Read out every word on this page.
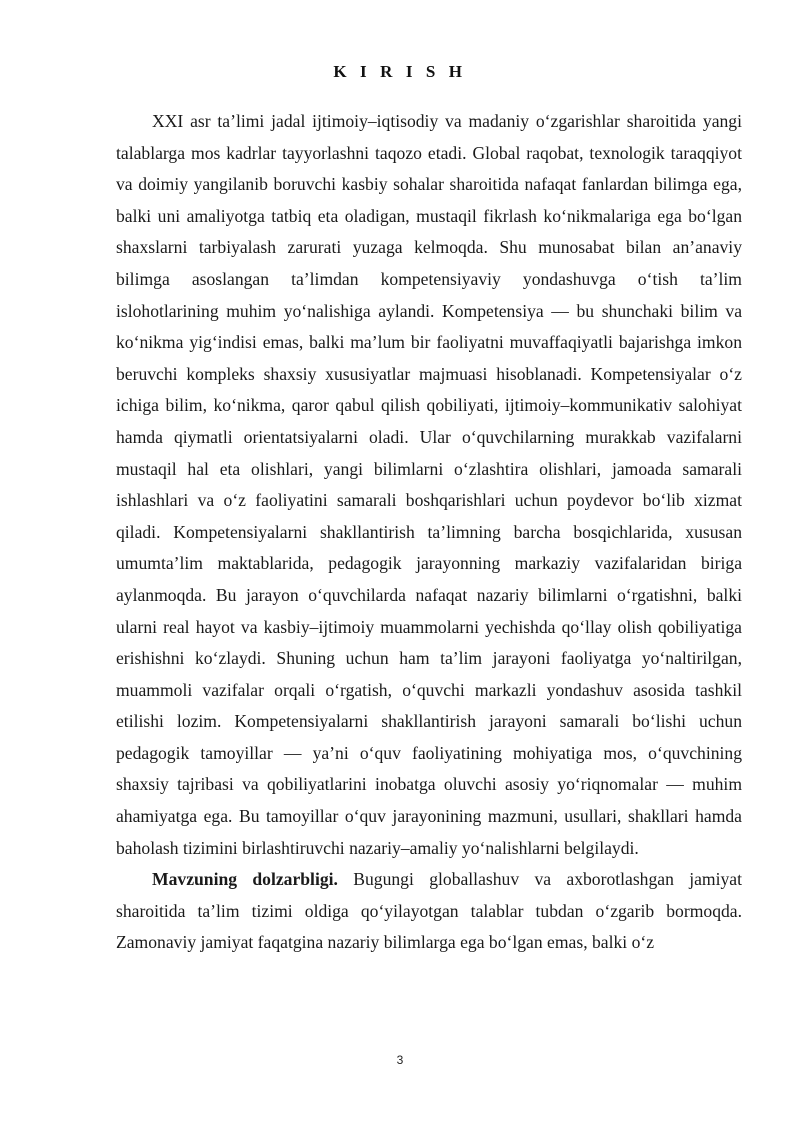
K I R I S H

XXI asr ta’limi jadal ijtimoiy–iqtisodiy va madaniy o‘zgarishlar sharoitida yangi talablarga mos kadrlar tayyorlashni taqozo etadi. Global raqobat, texnologik taraqqiyot va doimiy yangilanib boruvchi kasbiy sohalar sharoitida nafaqat fanlardan bilimga ega, balki uni amaliyotga tatbiq eta oladigan, mustaqil fikrlash ko‘nikmalariga ega bo‘lgan shaxslarni tarbiyalash zarurati yuzaga kelmoqda. Shu munosabat bilan an’anaviy bilimga asoslangan ta’limdan kompetensiyaviy yondashuvga o‘tish ta’lim islohotlarining muhim yo‘nalishiga aylandi. Kompetensiya — bu shunchaki bilim va ko‘nikma yig‘indisi emas, balki ma’lum bir faoliyatni muvaffaqiyatli bajarishga imkon beruvchi kompleks shaxsiy xususiyatlar majmuasi hisoblanadi. Kompetensiyalar o‘z ichiga bilim, ko‘nikma, qaror qabul qilish qobiliyati, ijtimoiy–kommunikativ salohiyat hamda qiymatli orientatsiyalarni oladi. Ular o‘quvchilarning murakkab vazifalarni mustaqil hal eta olishlari, yangi bilimlarni o‘zlashtira olishlari, jamoada samarali ishlashlari va o‘z faoliyatini samarali boshqarishlari uchun poydevor bo‘lib xizmat qiladi. Kompetensiyalarni shakllantirish ta’limning barcha bosqichlarida, xususan umumta’lim maktablarida, pedagogik jarayonning markaziy vazifalaridan biriga aylanmoqda. Bu jarayon o‘quvchilarda nafaqat nazariy bilimlarni o‘rgatishni, balki ularni real hayot va kasbiy–ijtimoiy muammolarni yechishda qo‘llay olish qobiliyatiga erishishni ko‘zlaydi. Shuning uchun ham ta’lim jarayoni faoliyatga yo‘naltirilgan, muammoli vazifalar orqali o‘rgatish, o‘quvchi markazli yondashuv asosida tashkil etilishi lozim. Kompetensiyalarni shakllantirish jarayoni samarali bo‘lishi uchun pedagogik tamoyillar — ya’ni o‘quv faoliyatining mohiyatiga mos, o‘quvchining shaxsiy tajribasi va qobiliyatlarini inobatga oluvchi asosiy yo‘riqnomalar — muhim ahamiyatga ega. Bu tamoyillar o‘quv jarayonining mazmuni, usullari, shakllari hamda baholash tizimini birlashtiruvchi nazariy–amaliy yo‘nalishlarni belgilaydi.

Mavzuning dolzarbligi. Bugungi globallashuv va axborotlashgan jamiyat sharoitida ta’lim tizimi oldiga qo‘yilayotgan talablar tubdan o‘zgarib bormoqda. Zamonaviy jamiyat faqatgina nazariy bilimlarga ega bo‘lgan emas, balki o‘z

3
